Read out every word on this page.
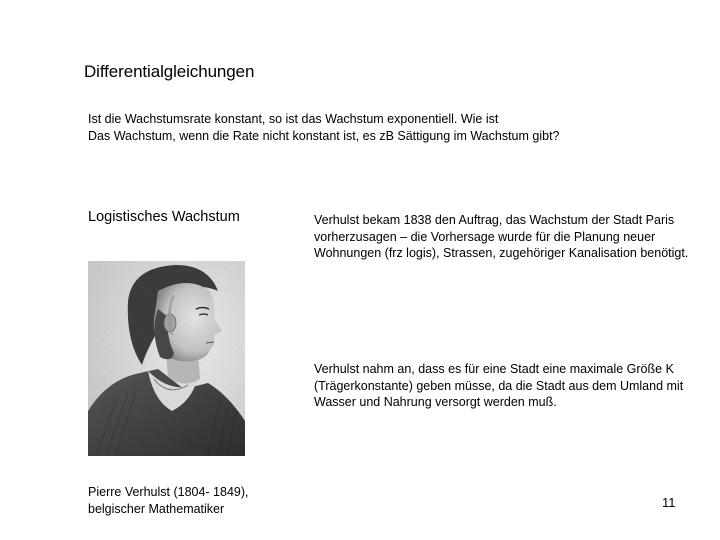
Differentialgleichungen
Ist die Wachstumsrate konstant, so ist das Wachstum exponentiell. Wie ist
Das Wachstum, wenn die Rate nicht konstant ist, es zB Sättigung im Wachstum gibt?
Logistisches Wachstum	Verhulst bekam 1838 den Auftrag, das Wachstum der Stadt Paris vorherzusagen – die Vorhersage wurde für die Planung neuer Wohnungen (frz logis), Strassen, zugehöriger Kanalisation benötigt.
Verhulst nahm an, dass es für eine Stadt eine maximale Größe K (Trägerkonstante) geben müsse, da die Stadt aus dem Umland mit Wasser und Nahrung versorgt werden muß.
Pierre Verhulst (1804- 1849),
belgischer Mathematiker	11
